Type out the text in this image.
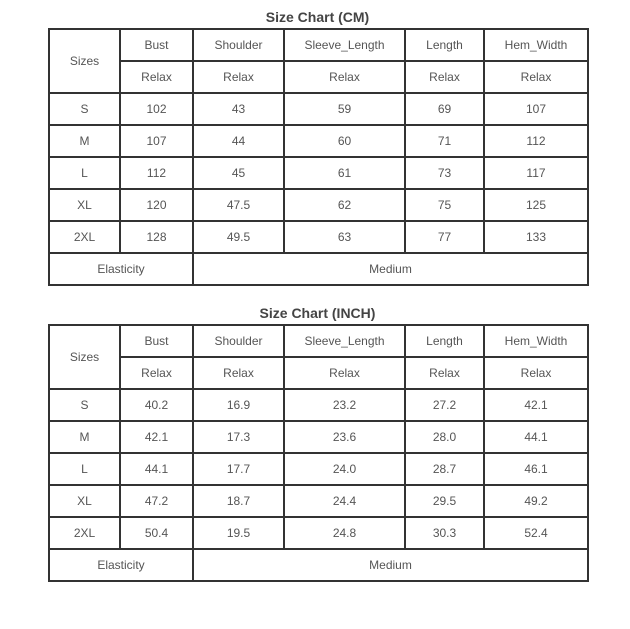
Size Chart (CM)
Sizes	Bust	Shoulder	Sleeve_Length	Length	Hem_Width
	Relax	Relax	Relax	Relax	Relax
S	102	43	59	69	107
M	107	44	60	71	112
L	112	45	61	73	117
XL	120	47.5	62	75	125
2XL	128	49.5	63	77	133
Elasticity		Medium			
Size Chart (INCH)
Sizes	Bust	Shoulder	Sleeve_Length	Length	Hem_Width
	Relax	Relax	Relax	Relax	Relax
S	40.2	16.9	23.2	27.2	42.1
M	42.1	17.3	23.6	28.0	44.1
L	44.1	17.7	24.0	28.7	46.1
XL	47.2	18.7	24.4	29.5	49.2
2XL	50.4	19.5	24.8	30.3	52.4
Elasticity		Medium			
